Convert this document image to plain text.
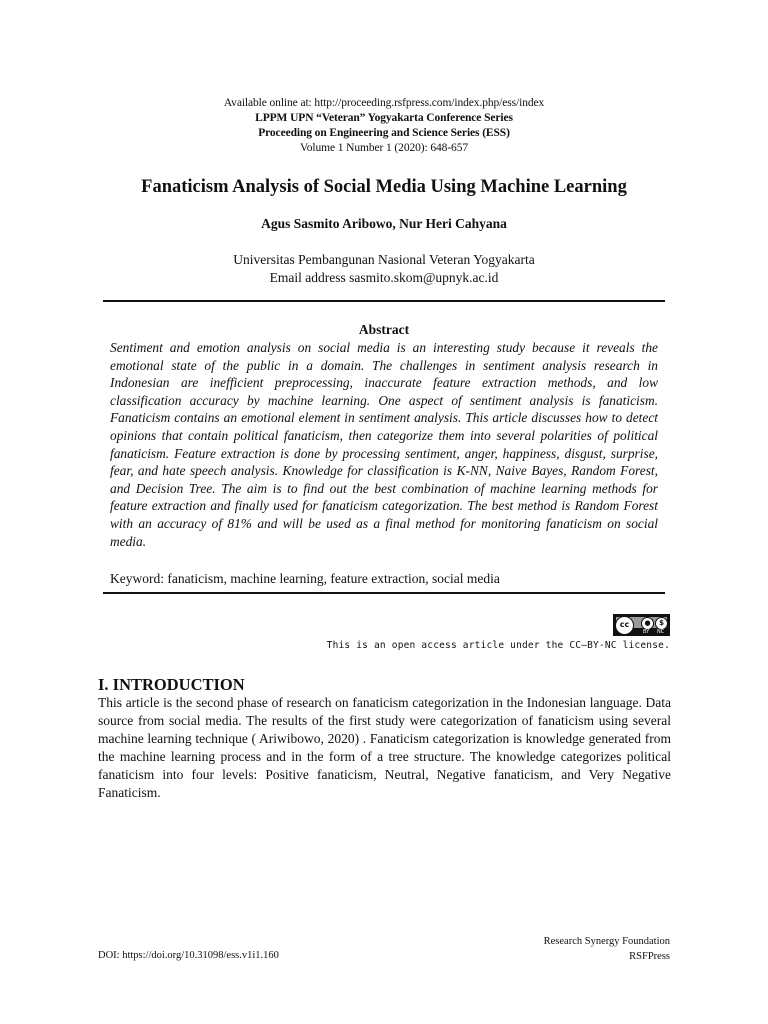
Available online at: http://proceeding.rsfpress.com/index.php/ess/index
LPPM UPN “Veteran” Yogyakarta Conference Series
Proceeding on Engineering and Science Series (ESS)
Volume 1 Number 1 (2020): 648-657
Fanaticism Analysis of Social Media Using Machine Learning
Agus Sasmito Aribowo, Nur Heri Cahyana
Universitas Pembangunan Nasional Veteran Yogyakarta
Email address sasmito.skom@upnyk.ac.id
Abstract
Sentiment and emotion analysis on social media is an interesting study because it reveals the emotional state of the public in a domain. The challenges in sentiment analysis research in Indonesian are inefficient preprocessing, inaccurate feature extraction methods, and low classification accuracy by machine learning. One aspect of sentiment analysis is fanaticism. Fanaticism contains an emotional element in sentiment analysis. This article discusses how to detect opinions that contain political fanaticism, then categorize them into several polarities of political fanaticism. Feature extraction is done by processing sentiment, anger, happiness, disgust, surprise, fear, and hate speech analysis. Knowledge for classification is K-NN, Naive Bayes, Random Forest, and Decision Tree. The aim is to find out the best combination of machine learning methods for feature extraction and finally used for fanaticism categorization. The best method is Random Forest with an accuracy of 81% and will be used as a final method for monitoring fanaticism on social media.
Keyword: fanaticism, machine learning, feature extraction, social media
cc	●	$
BY NC
This is an open access article under the CC–BY-NC license.
I. INTRODUCTION
This article is the second phase of research on fanaticism categorization in the Indonesian language. Data source from social media. The results of the first study were categorization of fanaticism using several machine learning technique ( Ariwibowo, 2020) . Fanaticism categorization is knowledge generated from the machine learning process and in the form of a tree structure. The knowledge categorizes political fanaticism into four levels: Positive fanaticism, Neutral, Negative fanaticism, and Very Negative Fanaticism.
Research Synergy Foundation
RSFPress
DOI: https://doi.org/10.31098/ess.v1i1.160
